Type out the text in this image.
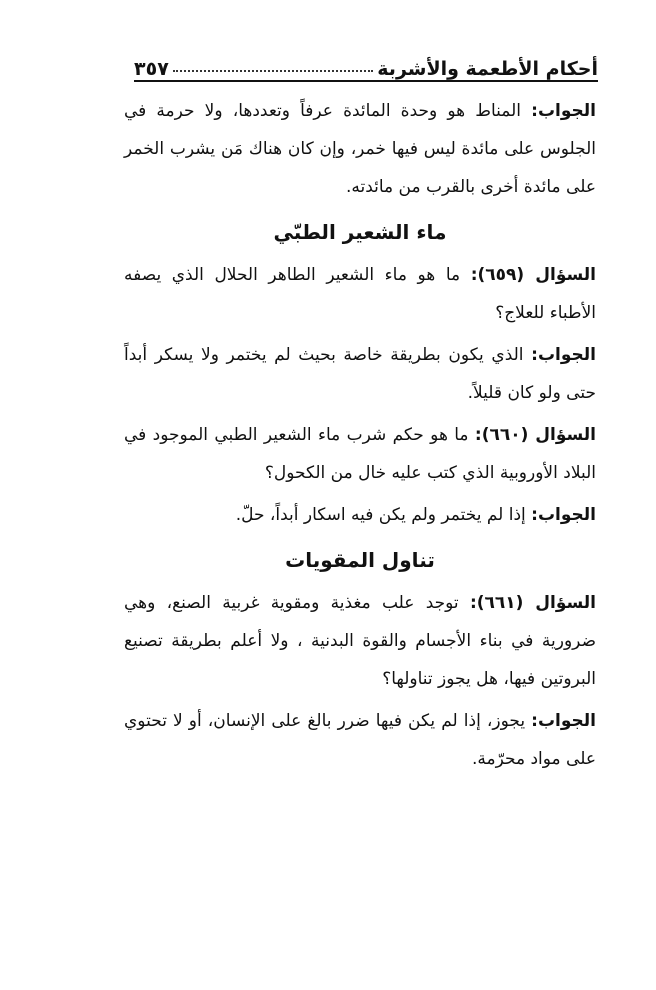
أحكام الأطعمة والأشربة
٣٥٧

الجواب: المناط هو وحدة المائدة عرفاً وتعددها، ولا حرمة في الجلوس على مائدة ليس فيها خمر، وإن كان هناك مَن يشرب الخمر على مائدة أخرى بالقرب من مائدته.

ماء الشعير الطبّي

السؤال (٦٥٩): ما هو ماء الشعير الطاهر الحلال الذي يصفه الأطباء للعلاج؟

الجواب: الذي يكون بطريقة خاصة بحيث لم يختمر ولا يسكر أبداً حتى ولو كان قليلاً.

السؤال (٦٦٠): ما هو حكم شرب ماء الشعير الطبي الموجود في البلاد الأوروبية الذي كتب عليه خال من الكحول؟

الجواب: إذا لم يختمر ولم يكن فيه اسكار أبداً، حلّ.

تناول المقويات

السؤال (٦٦١): توجد علب مغذية ومقوية غربية الصنع، وهي ضرورية في بناء الأجسام والقوة البدنية ، ولا أعلم بطريقة تصنيع البروتين فيها، هل يجوز تناولها؟

الجواب: يجوز، إذا لم يكن فيها ضرر بالغ على الإنسان، أو لا تحتوي على مواد محرّمة.
